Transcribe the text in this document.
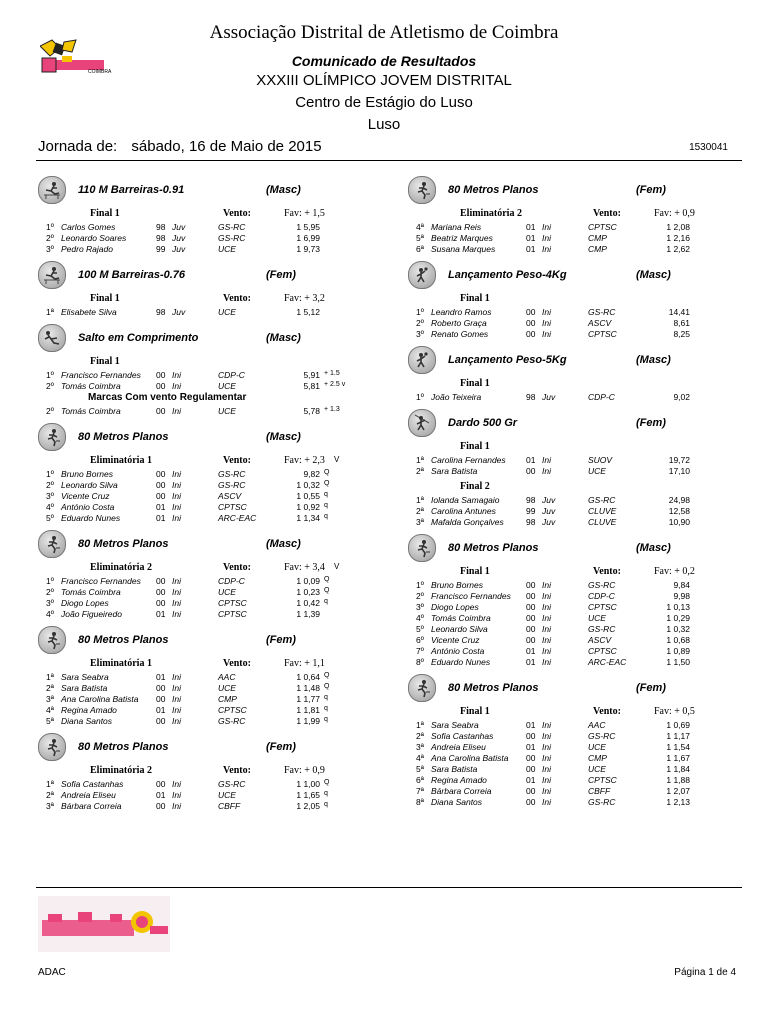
COIMBRA
Associação Distrital de Atletismo de Coimbra
Comunicado de Resultados
XXXIII OLÍMPICO JOVEM DISTRITAL
Centro de Estágio do Luso
Luso
Jornada de: sábado, 16 de Maio de 2015	1530041
110 M Barreiras-0.91	(Masc)
Final 1	Vento:	Fav: + 1,5
1º Carlos Gomes	98 Juv	GS-RC	1 5,95
2º Leonardo Soares	98 Juv	GS-RC	1 6,99
3º Pedro Rajado	99 Juv	UCE	1 9,73
100 M Barreiras-0.76	(Fem)
Final 1	Vento:	Fav: + 3,2
1ª Elisabete Silva	98 Juv	UCE	1 5,12
Salto em Comprimento	(Masc)
Final 1
1º Francisco Fernandes 00 Ini	CDP-C	5,91 + 1.5
2º Tomás Coimbra	00 Ini	UCE	5,81 + 2.5 v
Marcas Com vento Regulamentar
2º Tomás Coimbra	00 Ini	UCE	5,78 + 1.3
80 Metros Planos	(Masc)
Eliminatória 1	Vento:	Fav: + 2,3 V
1º Bruno Bornes	00 Ini	GS-RC	9,82 Q
2º Leonardo Silva	00 Ini	GS-RC	1 0,32 Q
3º Vicente Cruz	00 Ini	ASCV	1 0,55 q
4º António Costa	01 Ini	CPTSC	1 0,92 q
5º Eduardo Nunes	01 Ini	ARC-EAC	1 1,34 q
80 Metros Planos	(Masc)
Eliminatória 2	Vento:	Fav: + 3,4 V
1º Francisco Fernandes 00 Ini	CDP-C	1 0,09 Q
2º Tomás Coimbra	00 Ini	UCE	1 0,23 Q
3º Diogo Lopes	00 Ini	CPTSC	1 0,42 q
4º João Figueiredo	01 Ini	CPTSC	1 1,39
80 Metros Planos	(Fem)
Eliminatória 1	Vento:	Fav: + 1,1
1ª Sara Seabra	01 Ini	AAC	1 0,64 Q
2ª Sara Batista	00 Ini	UCE	1 1,48 Q
3ª Ana Carolina Batista 00 Ini	CMP	1 1,77 q
4ª Regina Amado	01 Ini	CPTSC	1 1,81 q
5ª Diana Santos	00 Ini	GS-RC	1 1,99 q
80 Metros Planos	(Fem)
Eliminatória 2	Vento:	Fav: + 0,9
1ª Sofia Castanhas	00 Ini	GS-RC	1 1,00 Q
2ª Andreia Eliseu	01 Ini	UCE	1 1,65 q
3ª Bárbara Correia	00 Ini	CBFF	1 2,05 q
80 Metros Planos	(Fem)
Eliminatória 2	Vento:	Fav: + 0,9
4ª Mariana Reis	01 Ini	CPTSC	1 2,08
5ª Beatriz Marques	01 Ini	CMP	1 2,16
6ª Susana Marques	01 Ini	CMP	1 2,62
Lançamento Peso-4Kg	(Masc)
Final 1
1º Leandro Ramos	00 Ini	GS-RC	14,41
2º Roberto Graça	00 Ini	ASCV	8,61
3º Renato Gomes	00 Ini	CPTSC	8,25
Lançamento Peso-5Kg	(Masc)
Final 1
1º João Teixeira	98 Juv	CDP-C	9,02
Dardo 500 Gr	(Fem)
Final 1
1ª Carolina Fernandes 01 Ini	SUOV	19,72
2ª Sara Batista	00 Ini	UCE	17,10
Final 2
1ª Iolanda Samagaio	98 Juv	GS-RC	24,98
2ª Carolina Antunes	99 Juv	CLUVE	12,58
3ª Mafalda Gonçalves	98 Juv	CLUVE	10,90
80 Metros Planos	(Masc)
Final 1	Vento:	Fav: + 0,2
1º Bruno Bornes	00 Ini	GS-RC	9,84
2º Francisco Fernandes 00 Ini	CDP-C	9,98
3º Diogo Lopes	00 Ini	CPTSC	1 0,13
4º Tomás Coimbra	00 Ini	UCE	1 0,29
5º Leonardo Silva	00 Ini	GS-RC	1 0,32
6º Vicente Cruz	00 Ini	ASCV	1 0,68
7º António Costa	01 Ini	CPTSC	1 0,89
8º Eduardo Nunes	01 Ini	ARC-EAC	1 1,50
80 Metros Planos	(Fem)
Final 1	Vento:	Fav: + 0,5
1ª Sara Seabra	01 Ini	AAC	1 0,69
2ª Sofia Castanhas	00 Ini	GS-RC	1 1,17
3ª Andreia Eliseu	01 Ini	UCE	1 1,54
4ª Ana Carolina Batista 00 Ini	CMP	1 1,67
5ª Sara Batista	00 Ini	UCE	1 1,84
6ª Regina Amado	01 Ini	CPTSC	1 1,88
7ª Bárbara Correia	00 Ini	CBFF	1 2,07
8ª Diana Santos	00 Ini	GS-RC	1 2,13
ADAC	Página 1 de 4
